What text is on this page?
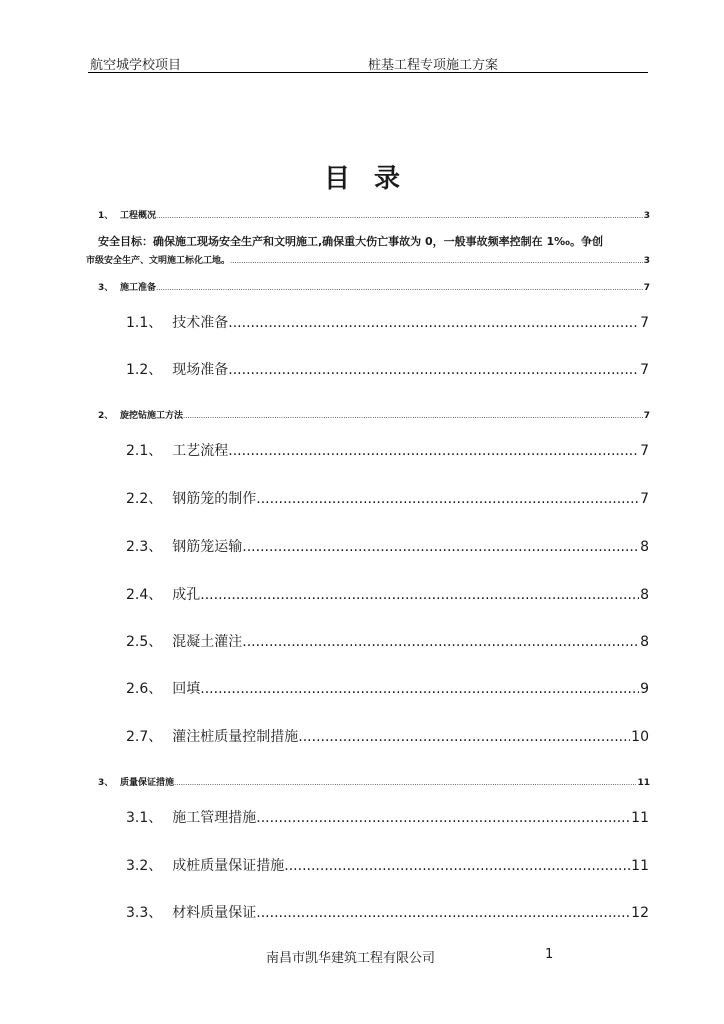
航空城学校项目	桩基工程专项施工方案
目录
1、 工程概况 .....	3
安全目标：确保施工现场安全生产和文明施工,确保重大伤亡事故为 0，一般事故频率控制在 1‰。争创
市级安全生产、文明施工标化工地。 .....	3
3、 施工准备 .....	7
1.1、 技术准备 .....	7
1.2、 现场准备 .....	7
2、 旋挖钻施工方法 .....	7
2.1、 工艺流程 .....	7
2.2、 钢筋笼的制作 .....	7
2.3、 钢筋笼运输 .....	8
2.4、 成孔 .....	8
2.5、 混凝土灌注 .....	8
2.6、 回填 .....	9
2.7、 灌注桩质量控制措施 .....	10
3、 质量保证措施 .....	11
3.1、 施工管理措施 .....	11
3.2、 成桩质量保证措施 .....	11
3.3、 材料质量保证 .....	12
南昌市凯华建筑工程有限公司	1
